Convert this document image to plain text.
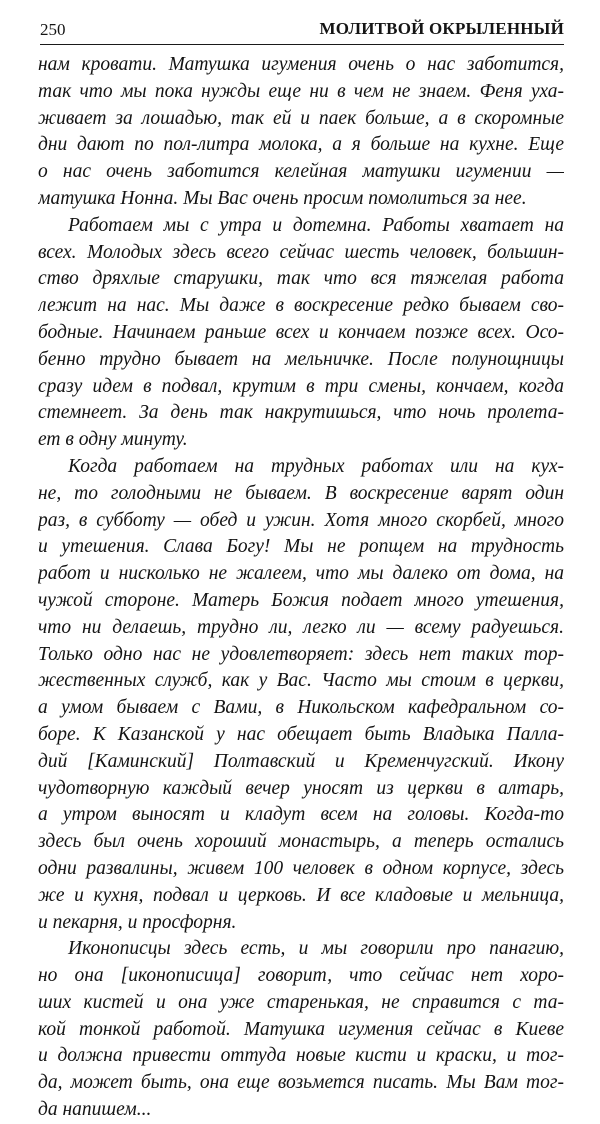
250	МОЛИТВОЙ ОКРЫЛЕННЫЙ
нам кровати. Матушка игумения очень о нас заботится,
так что мы пока нужды еще ни в чем не знаем. Феня уха-
живает за лошадью, так ей и паек больше, а в скоромные
дни дают по пол-литра молока, а я больше на кухне. Еще
о нас очень заботится келейная матушки игумении —
матушка Нонна. Мы Вас очень просим помолиться за нее.
Работаем мы с утра и дотемна. Работы хватает на
всех. Молодых здесь всего сейчас шесть человек, большин-
ство дряхлые старушки, так что вся тяжелая работа
лежит на нас. Мы даже в воскресение редко бываем сво-
бодные. Начинаем раньше всех и кончаем позже всех. Осо-
бенно трудно бывает на мельничке. После полунощницы
сразу идем в подвал, крутим в три смены, кончаем, когда
стемнеет. За день так накрутишься, что ночь пролета-
ет в одну минуту.
Когда работаем на трудных работах или на кух-
не, то голодными не бываем. В воскресение варят один
раз, в субботу — обед и ужин. Хотя много скорбей, много
и утешения. Слава Богу! Мы не ропщем на трудность
работ и нисколько не жалеем, что мы далеко от дома, на
чужой стороне. Матерь Божия подает много утешения,
что ни делаешь, трудно ли, легко ли — всему радуешься.
Только одно нас не удовлетворяет: здесь нет таких тор-
жественных служб, как у Вас. Часто мы стоим в церкви,
а умом бываем с Вами, в Никольском кафедральном со-
боре. К Казанской у нас обещает быть Владыка Палла-
дий [Каминский] Полтавский и Кременчугский. Икону
чудотворную каждый вечер уносят из церкви в алтарь,
а утром выносят и кладут всем на головы. Когда-то
здесь был очень хороший монастырь, а теперь остались
одни развалины, живем 100 человек в одном корпусе, здесь
же и кухня, подвал и церковь. И все кладовые и мельница,
и пекарня, и просфорня.
Иконописцы здесь есть, и мы говорили про панагию,
но она [иконописица] говорит, что сейчас нет хоро-
ших кистей и она уже старенькая, не справится с та-
кой тонкой работой. Матушка игумения сейчас в Киеве
и должна привести оттуда новые кисти и краски, и тог-
да, может быть, она еще возьмется писать. Мы Вам тог-
да напишем...
